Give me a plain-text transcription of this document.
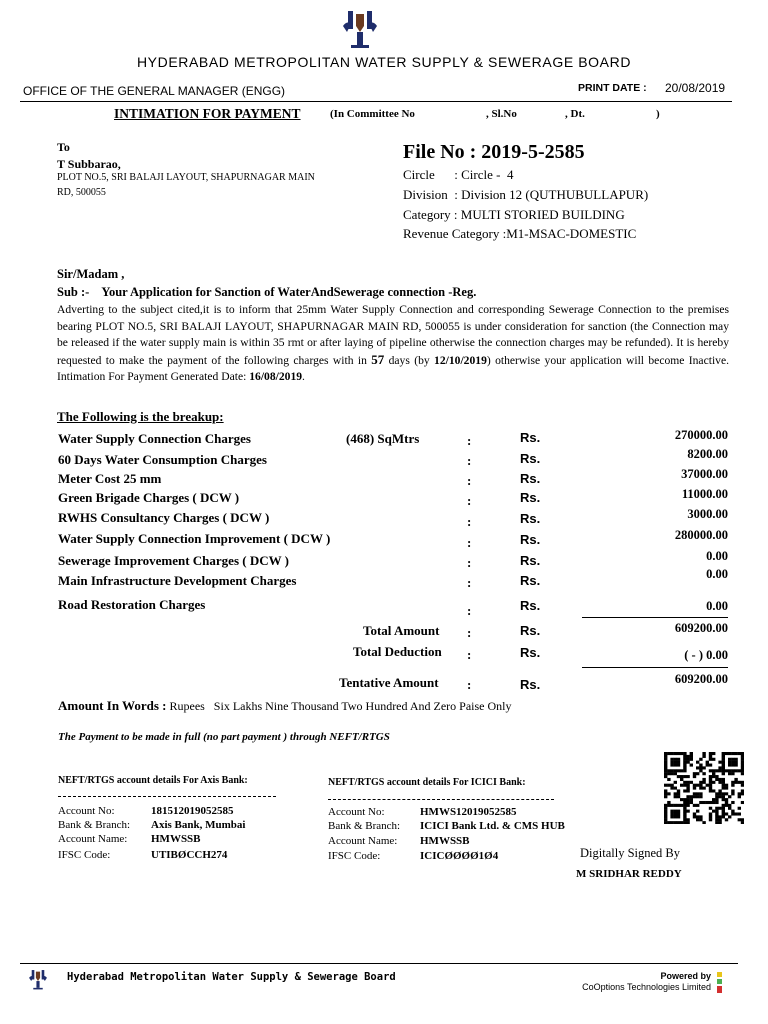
HYDERABAD METROPOLITAN WATER SUPPLY & SEWERAGE BOARD
OFFICE OF THE GENERAL MANAGER (ENGG)	PRINT DATE : 20/08/2019
INTIMATION FOR PAYMENT	(In Committee No	, Sl.No	, Dt.	)
To
T Subbarao,
PLOT NO.5, SRI BALAJI LAYOUT, SHAPURNAGAR MAIN
RD, 500055
File No : 2019-5-2585
Circle      : Circle -  4
Division  : Division 12 (QUTHUBULLAPUR)
Category : MULTI STORIED BUILDING
Revenue Category :M1-MSAC-DOMESTIC
Sir/Madam ,
Sub :-    Your Application for Sanction of WaterAndSewerage connection -Reg.
Adverting to the subject cited,it is to inform that 25mm Water Supply Connection and corresponding Sewerage Connection to the premises bearing PLOT NO.5, SRI BALAJI LAYOUT, SHAPURNAGAR MAIN RD, 500055 is under consideration for sanction (the Connection may be released if the water supply main is within 35 rmt or after laying of pipeline otherwise the connection charges may be refunded). It is hereby requested to make the payment of the following charges with in 57 days (by 12/10/2019) otherwise your application will become Inactive. Intimation For Payment Generated Date: 16/08/2019.
The Following is the breakup:
Water Supply Connection Charges	(468) SqMtrs	:	Rs.	270000.00
60 Days Water Consumption Charges	:	Rs.	8200.00
Meter Cost 25 mm	:	Rs.	37000.00
Green Brigade Charges ( DCW )	:	Rs.	11000.00
RWHS Consultancy Charges ( DCW )	:	Rs.	3000.00
Water Supply Connection Improvement ( DCW )	:	Rs.	280000.00
Sewerage Improvement Charges ( DCW )	:	Rs.	0.00
Main Infrastructure Development Charges	:	Rs.	0.00
Road Restoration Charges	:	Rs.	0.00
Total Amount :	Rs.	609200.00
Total Deduction :	Rs.	( - ) 0.00
Tentative Amount :	Rs.	609200.00
Amount In Words : Rupees   Six Lakhs Nine Thousand Two Hundred And Zero Paise Only
The Payment to be made in full (no part payment ) through NEFT/RTGS
NEFT/RTGS account details For Axis Bank:
Account No:	181512019052585
Bank & Branch: Axis Bank, Mumbai
Account Name: HMWSSB
IFSC Code:	UTIBØCCH274
NEFT/RTGS account details For ICICI Bank:
Account No:	HMWS12019052585
Bank & Branch: ICICI Bank Ltd. & CMS HUB
Account Name: HMWSSB
IFSC Code:	ICICØØØØ1Ø4	Digitally Signed By
M SRIDHAR REDDY
Hyderabad Metropolitan Water Supply & Sewerage Board	Powered by
CoOptions Technologies Limited
